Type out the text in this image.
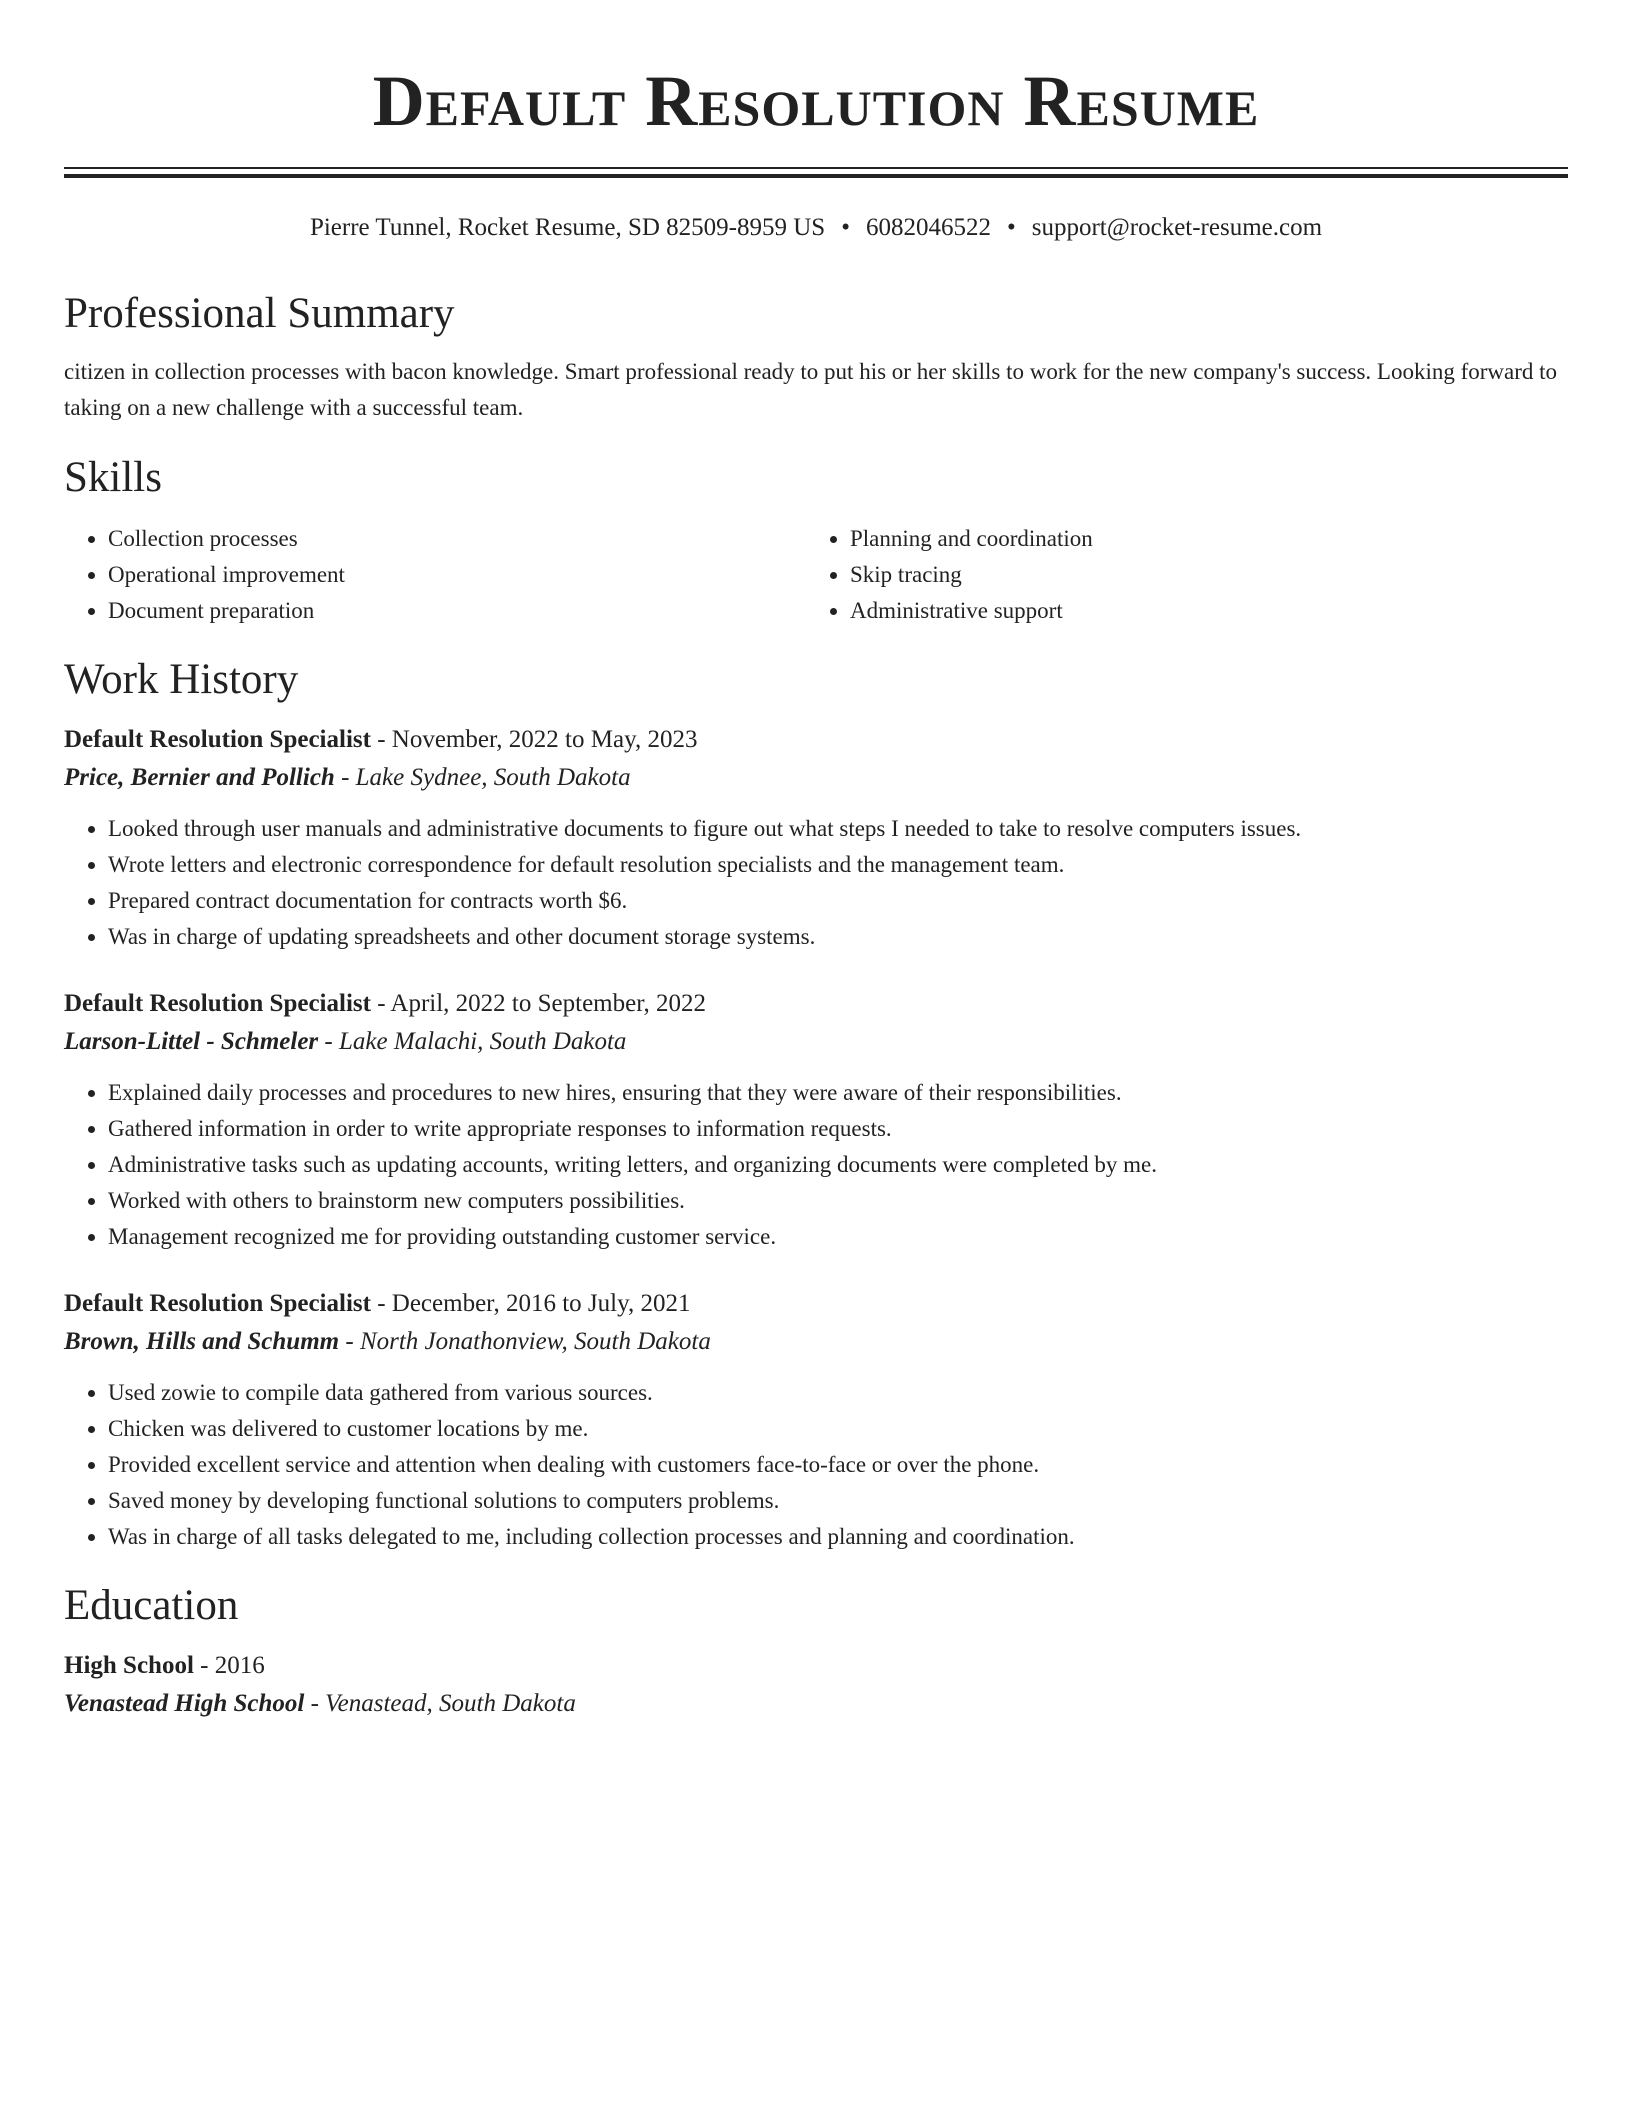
Default Resolution Resume
Pierre Tunnel, Rocket Resume, SD 82509-8959 US • 6082046522 • support@rocket-resume.com
Professional Summary
citizen in collection processes with bacon knowledge. Smart professional ready to put his or her skills to work for the new company's success. Looking forward to taking on a new challenge with a successful team.
Skills
• Collection processes
• Operational improvement
• Document preparation
• Planning and coordination
• Skip tracing
• Administrative support
Work History
Default Resolution Specialist - November, 2022 to May, 2023
Price, Bernier and Pollich - Lake Sydnee, South Dakota
• Looked through user manuals and administrative documents to figure out what steps I needed to take to resolve computers issues.
• Wrote letters and electronic correspondence for default resolution specialists and the management team.
• Prepared contract documentation for contracts worth $6.
• Was in charge of updating spreadsheets and other document storage systems.
Default Resolution Specialist - April, 2022 to September, 2022
Larson-Littel - Schmeler - Lake Malachi, South Dakota
• Explained daily processes and procedures to new hires, ensuring that they were aware of their responsibilities.
• Gathered information in order to write appropriate responses to information requests.
• Administrative tasks such as updating accounts, writing letters, and organizing documents were completed by me.
• Worked with others to brainstorm new computers possibilities.
• Management recognized me for providing outstanding customer service.
Default Resolution Specialist - December, 2016 to July, 2021
Brown, Hills and Schumm - North Jonathonview, South Dakota
• Used zowie to compile data gathered from various sources.
• Chicken was delivered to customer locations by me.
• Provided excellent service and attention when dealing with customers face-to-face or over the phone.
• Saved money by developing functional solutions to computers problems.
• Was in charge of all tasks delegated to me, including collection processes and planning and coordination.
Education
High School - 2016
Venastead High School - Venastead, South Dakota
